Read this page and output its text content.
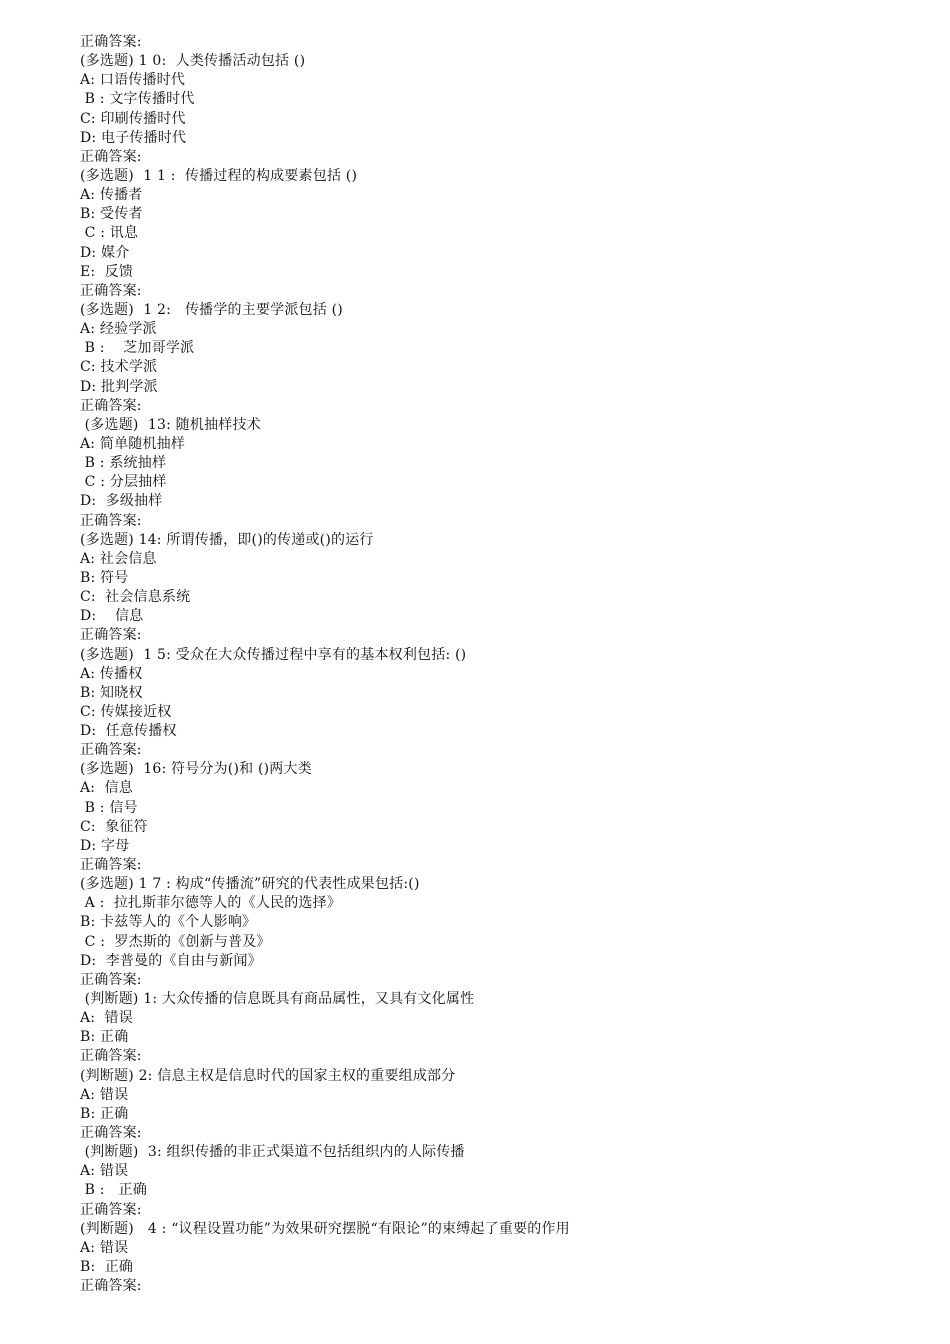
正确答案:
(多选题) 1 0:  人类传播活动包括 ()
A: 口语传播时代
B : 文字传播时代
C: 印刷传播时代
D: 电子传播时代
正确答案:
(多选题)  1 1 :  传播过程的构成要素包括 ()
A: 传播者
B: 受传者
C : 讯息
D: 媒介
E:  反馈
正确答案:
(多选题)  1 2:   传播学的主要学派包括 ()
A: 经验学派
B :    芝加哥学派
C: 技术学派
D: 批判学派
正确答案:
(多选题)  13: 随机抽样技术
A: 简单随机抽样
B : 系统抽样
C : 分层抽样
D:  多级抽样
正确答案:
(多选题) 14: 所谓传播，即()的传递或()的运行
A: 社会信息
B: 符号
C:  社会信息系统
D:    信息
正确答案:
(多选题)  1 5: 受众在大众传播过程中享有的基本权利包括: ()
A: 传播权
B: 知晓权
C: 传媒接近权
D:  任意传播权
正确答案:
(多选题)  16: 符号分为()和 ()两大类
A:  信息
B : 信号
C:  象征符
D: 字母
正确答案:
(多选题) 1 7 : 构成“传播流”研究的代表性成果包括:()
A :  拉扎斯菲尔德等人的《人民的选择》
B: 卡兹等人的《个人影响》
C :  罗杰斯的《创新与普及》
D:  李普曼的《自由与新闻》
正确答案:
(判断题) 1: 大众传播的信息既具有商品属性，又具有文化属性
A:  错误
B: 正确
正确答案:
(判断题) 2: 信息主权是信息时代的国家主权的重要组成部分
A: 错误
B: 正确
正确答案:
(判断题)  3: 组织传播的非正式渠道不包括组织内的人际传播
A: 错误
B :   正确
正确答案:
(判断题)   4 : “议程设置功能”为效果研究摆脱“有限论”的束缚起了重要的作用
A: 错误
B:  正确
正确答案:
